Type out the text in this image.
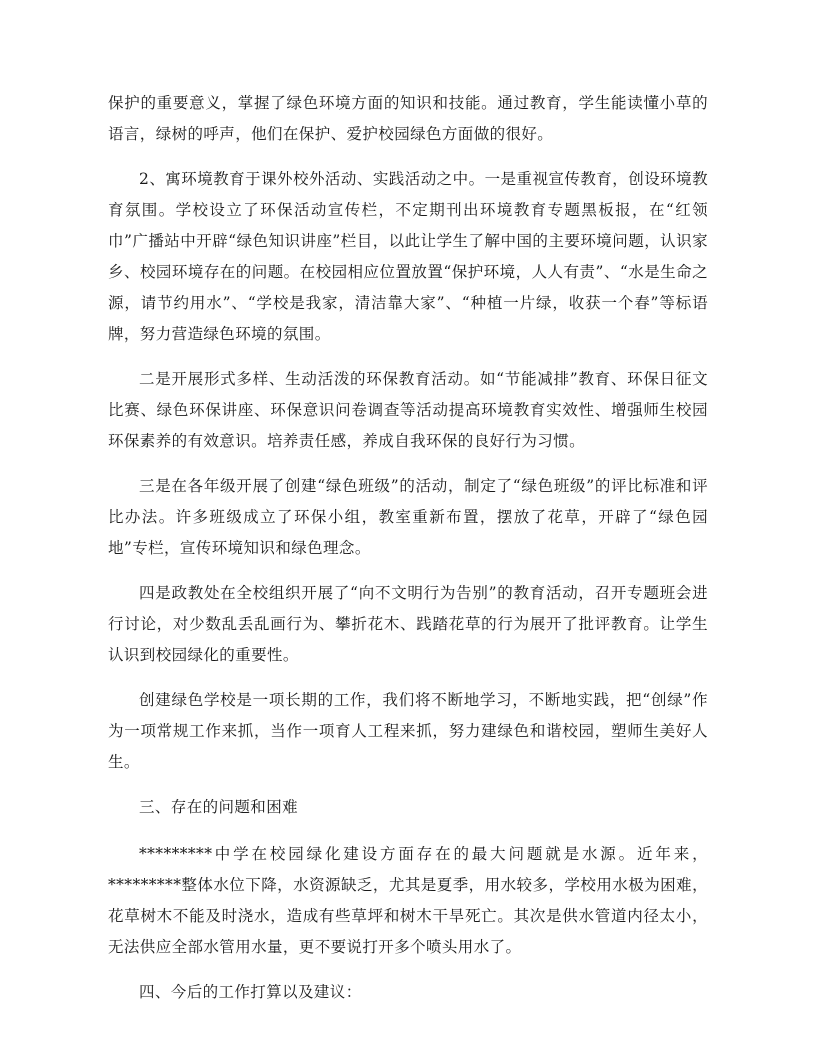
保护的重要意义，掌握了绿色环境方面的知识和技能。通过教育，学生能读懂小草的语言，绿树的呼声，他们在保护、爱护校园绿色方面做的很好。

2、寓环境教育于课外校外活动、实践活动之中。一是重视宣传教育，创设环境教育氛围。学校设立了环保活动宣传栏，不定期刊出环境教育专题黑板报，在“红领巾”广播站中开辟“绿色知识讲座”栏目，以此让学生了解中国的主要环境问题，认识家乡、校园环境存在的问题。在校园相应位置放置“保护环境，人人有责”、“水是生命之源，请节约用水”、“学校是我家，清洁靠大家”、“种植一片绿，收获一个春”等标语牌，努力营造绿色环境的氛围。

二是开展形式多样、生动活泼的环保教育活动。如“节能减排”教育、环保日征文比赛、绿色环保讲座、环保意识问卷调查等活动提高环境教育实效性、增强师生校园环保素养的有效意识。培养责任感，养成自我环保的良好行为习惯。

三是在各年级开展了创建“绿色班级”的活动，制定了“绿色班级”的评比标准和评比办法。许多班级成立了环保小组，教室重新布置，摆放了花草，开辟了“绿色园地”专栏，宣传环境知识和绿色理念。

四是政教处在全校组织开展了“向不文明行为告别”的教育活动，召开专题班会进行讨论，对少数乱丢乱画行为、攀折花木、践踏花草的行为展开了批评教育。让学生认识到校园绿化的重要性。

创建绿色学校是一项长期的工作，我们将不断地学习，不断地实践，把“创绿”作为一项常规工作来抓，当作一项育人工程来抓，努力建绿色和谐校园，塑师生美好人生。

三、存在的问题和困难

*********中学在校园绿化建设方面存在的最大问题就是水源。近年来，*********整体水位下降，水资源缺乏，尤其是夏季，用水较多，学校用水极为困难，花草树木不能及时浇水，造成有些草坪和树木干旱死亡。其次是供水管道内径太小，无法供应全部水管用水量，更不要说打开多个喷头用水了。

四、今后的工作打算以及建议：
